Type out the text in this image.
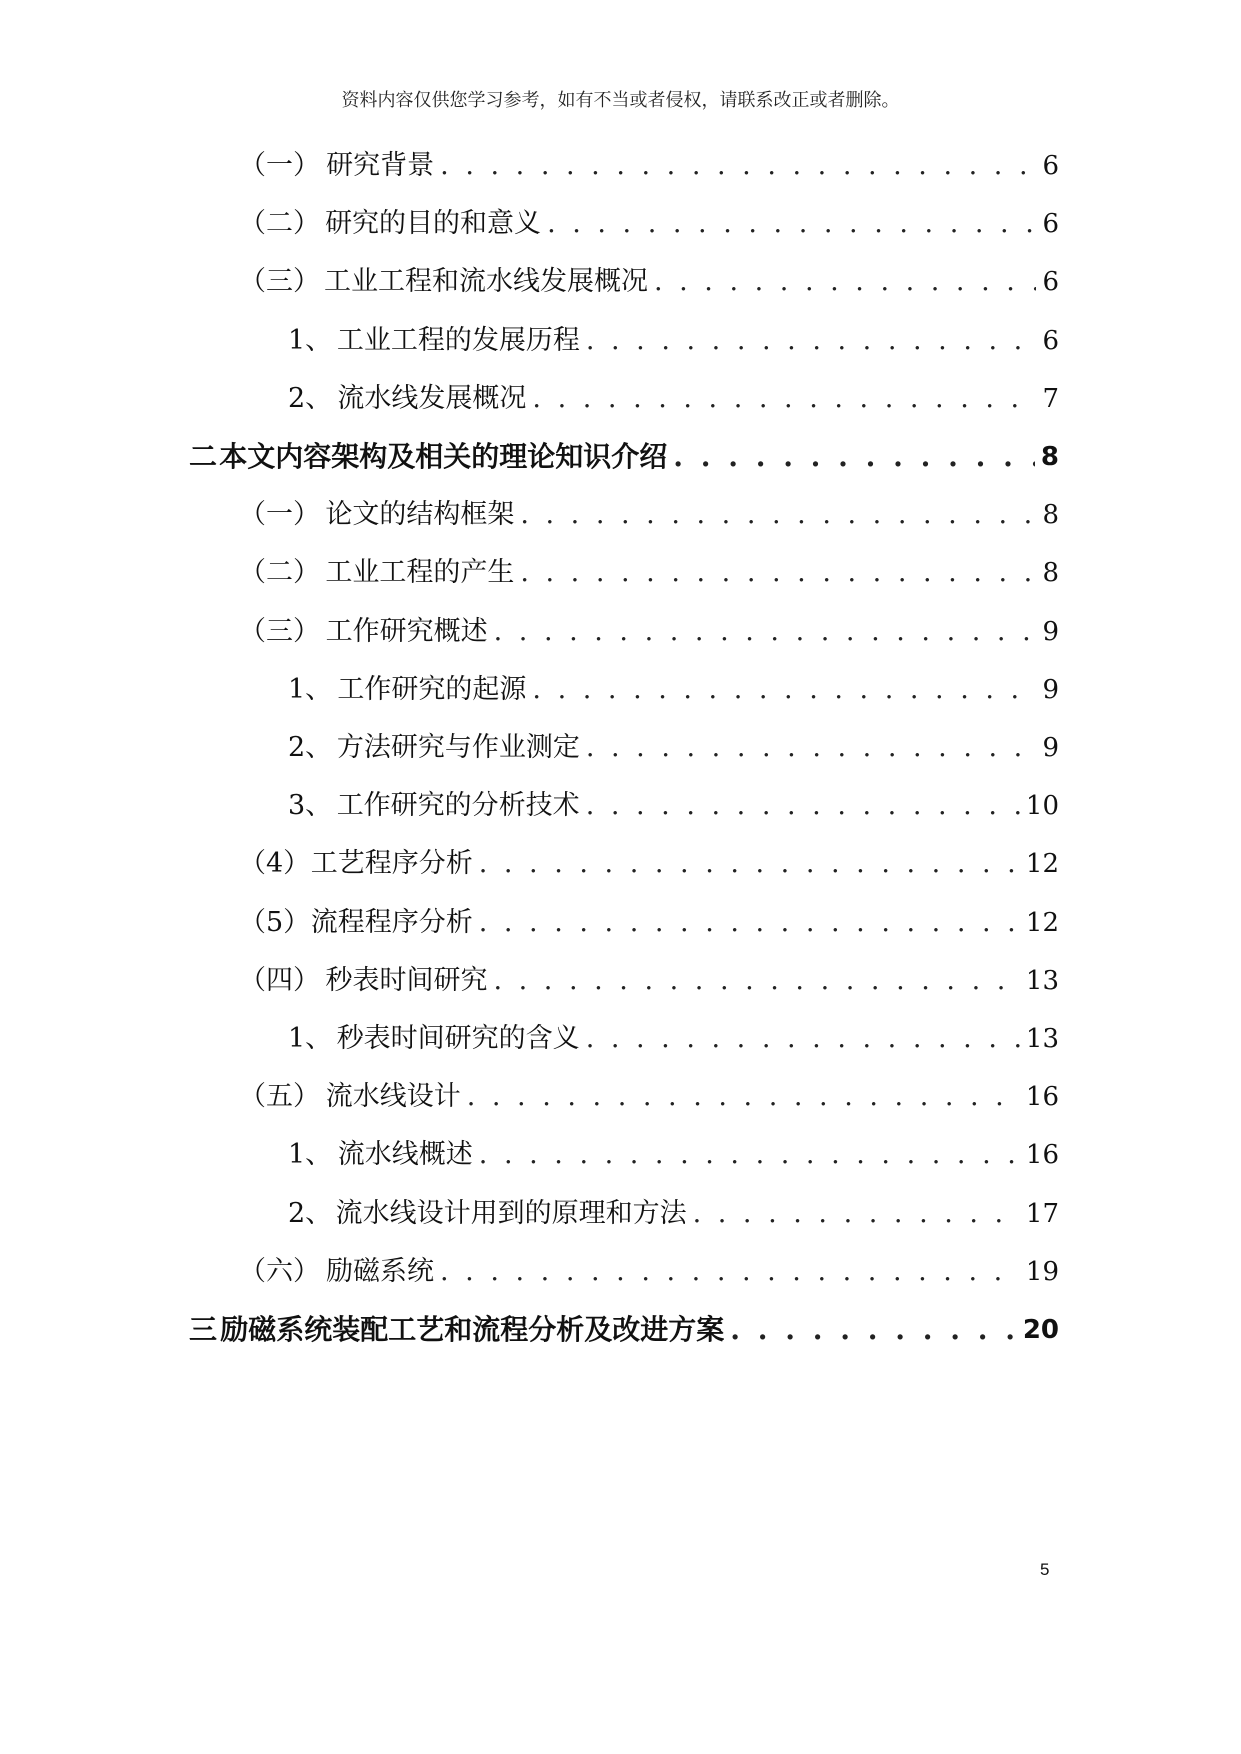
资料内容仅供您学习参考，如有不当或者侵权，请联系改正或者删除。
（一） 研究背景 . . .	6
（二） 研究的目的和意义 . . .	6
（三） 工业工程和流水线发展概况 . . .	6
1、 工业工程的发展历程 . . .	6
2、 流水线发展概况 . . .	7
二 本文内容架构及相关的理论知识介绍 . . .	8
（一） 论文的结构框架 . . .	8
（二） 工业工程的产生 . . .	8
（三） 工作研究概述 . . .	9
1、 工作研究的起源 . . .	9
2、 方法研究与作业测定 . . .	9
3、 工作研究的分析技术 . . .	10
（4） 工艺程序分析 . . .	12
（5） 流程程序分析 . . .	12
（四） 秒表时间研究 . . .	13
1、 秒表时间研究的含义 . . .	13
（五） 流水线设计 . . .	16
1、 流水线概述 . . .	16
2、 流水线设计用到的原理和方法 . . .	17
（六） 励磁系统 . . .	19
三 励磁系统装配工艺和流程分析及改进方案 . . .	20
5
